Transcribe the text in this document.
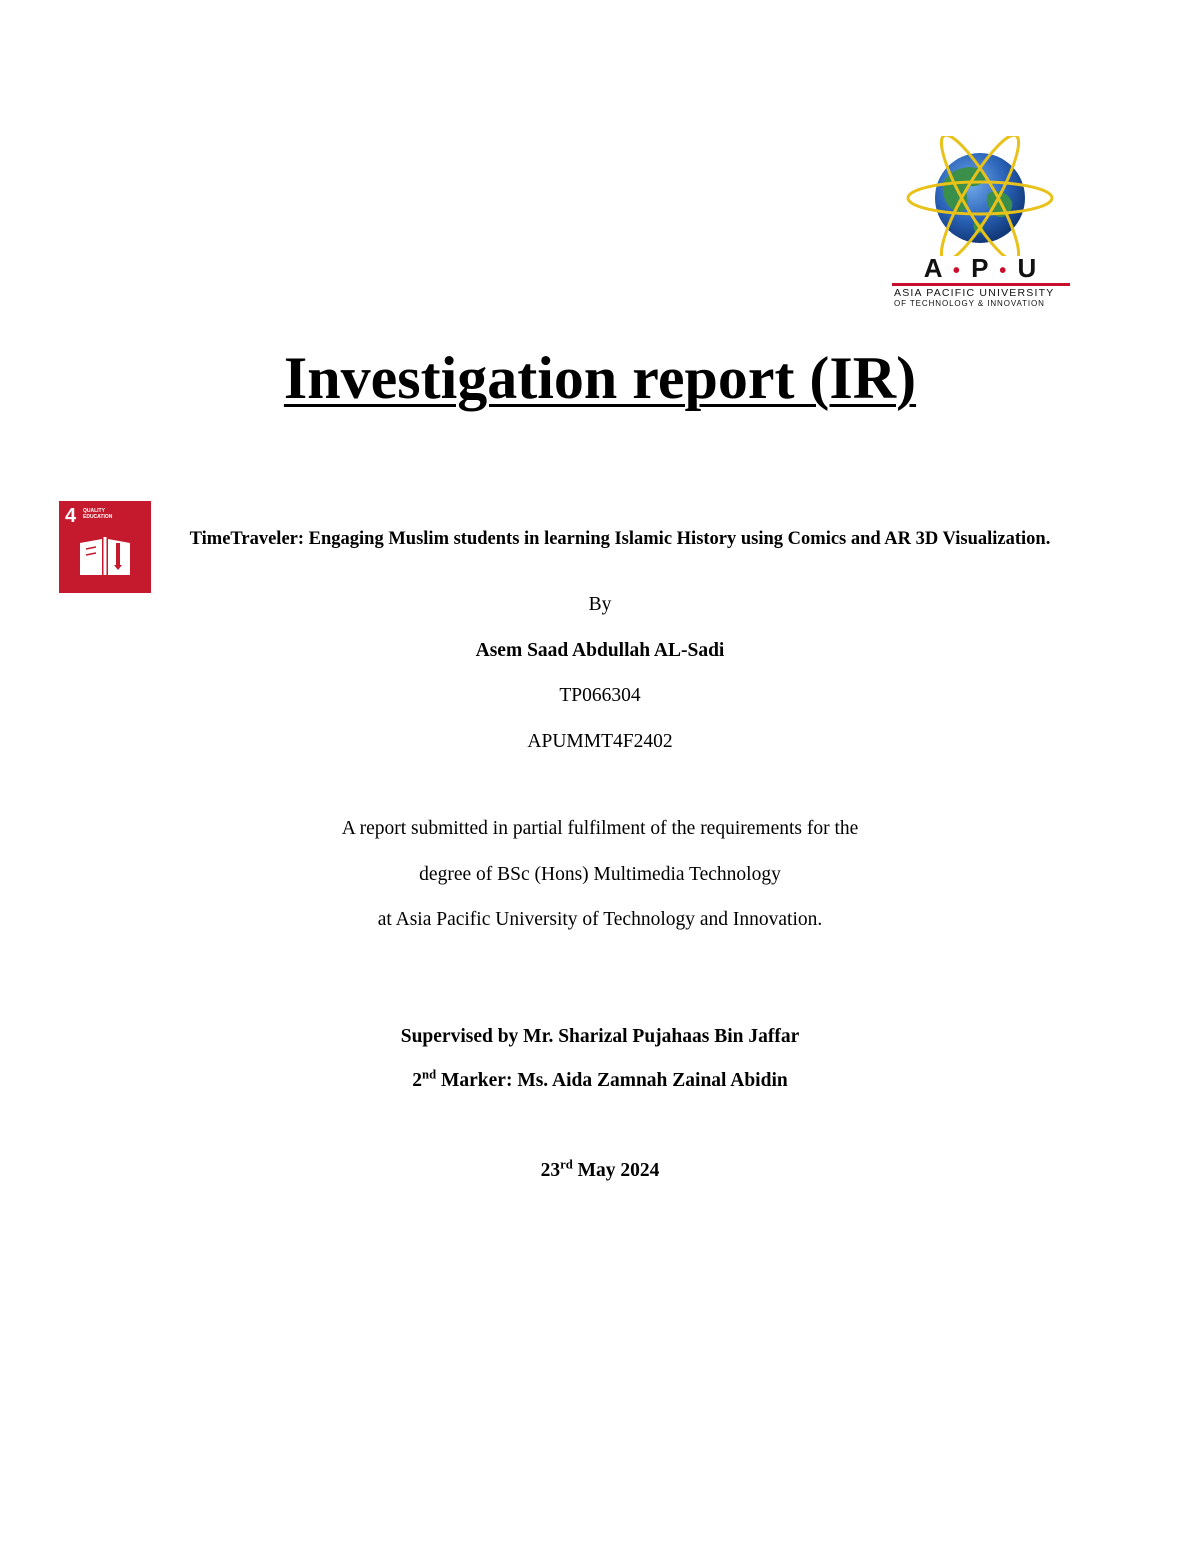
A • P • U
ASIA PACIFIC UNIVERSITY
OF TECHNOLOGY & INNOVATION
Investigation report (IR)
4 QUALITY EDUCATION
TimeTraveler: Engaging Muslim students in learning Islamic History using Comics and AR 3D Visualization.
By
Asem Saad Abdullah AL-Sadi
TP066304
APUMMT4F2402
A report submitted in partial fulfilment of the requirements for the
degree of BSc (Hons) Multimedia Technology
at Asia Pacific University of Technology and Innovation.
Supervised by Mr. Sharizal Pujahaas Bin Jaffar
2nd Marker: Ms. Aida Zamnah Zainal Abidin
23rd May 2024
